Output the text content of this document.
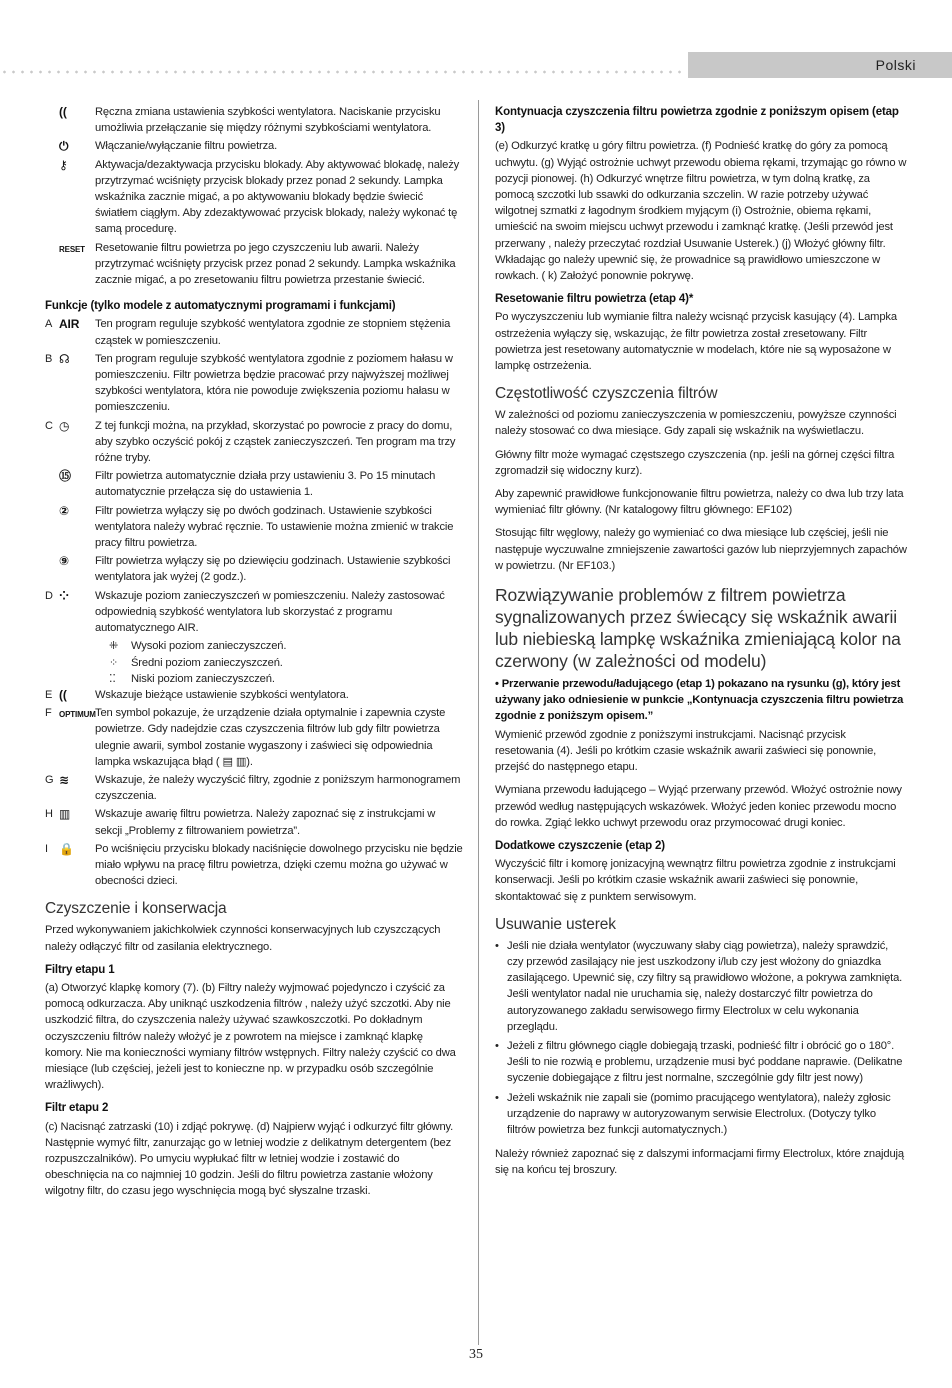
Polski
((	Ręczna zmiana ustawienia szybkości wentylatora. Naciskanie przycisku umożliwia przełączanie się między różnymi szybkościami wentylatora.
⏻	Włączanie/wyłączanie filtru powietrza.
⚷	Aktywacja/dezaktywacja przycisku blokady. Aby aktywować blokadę, należy przytrzymać wciśnięty przycisk blokady przez ponad 2 sekundy. Lampka wskaźnika zacznie migać, a po aktywowaniu blokady będzie świecić światłem ciągłym. Aby zdezaktywować przycisk blokady, należy wykonać tę samą procedurę.
RESET Resetowanie filtru powietrza po jego czyszczeniu lub awarii. Należy przytrzymać wciśnięty przycisk przez ponad 2 sekundy. Lampka wskaźnika zacznie migać, a po zresetowaniu filtru powietrza przestanie świecić.
Funkcje (tylko modele z automatycznymi programami i funkcjami)
A AIR	Ten program reguluje szybkość wentylatora zgodnie ze stopniem stężenia cząstek w pomieszczeniu.
B ☊	Ten program reguluje szybkość wentylatora zgodnie z poziomem hałasu w pomieszczeniu. Filtr powietrza będzie pracować przy najwyższej możliwej szybkości wentylatora, która nie powoduje zwiększenia poziomu hałasu w pomieszczeniu.
C ◷	Z tej funkcji można, na przykład, skorzystać po powrocie z pracy do domu, aby szybko oczyścić pokój z cząstek zanieczyszczeń. Ten program ma trzy różne tryby.
⑮	Filtr powietrza automatycznie działa przy ustawieniu 3. Po 15 minutach automatycznie przełącza się do ustawienia 1.
②	Filtr powietrza wyłączy się po dwóch godzinach. Ustawienie szybkości wentylatora należy wybrać ręcznie. To ustawienie można zmienić w trakcie pracy filtru powietrza.
⑨	Filtr powietrza wyłączy się po dziewięciu godzinach. Ustawienie szybkości wentylatora jak wyżej (2 godz.).
D ⁘	Wskazuje poziom zanieczyszczeń w pomieszczeniu. Należy zastosować odpowiednią szybkość wentylatora lub skorzystać z programu automatycznego AIR.
⁜	Wysoki poziom zanieczyszczeń.
⁘	Średni poziom zanieczyszczeń.
⁚⁚	Niski poziom zanieczyszczeń.
E ((	Wskazuje bieżące ustawienie szybkości wentylatora.
F OPTIMUM Ten symbol pokazuje, że urządzenie działa optymalnie i zapewnia czyste powietrze. Gdy nadejdzie czas czyszczenia filtrów lub gdy filtr powietrza ulegnie awarii, symbol zostanie wygaszony i zaświeci się odpowiednia lampka wskazująca błąd ( ▤ ▥).
G ≋	Wskazuje, że należy wyczyścić filtry, zgodnie z poniższym harmonogramem czyszczenia.
H ▥	Wskazuje awarię filtru powietrza. Należy zapoznać się z instrukcjami w sekcji „Problemy z filtrowaniem powietrza”.
I 🔒	Po wciśnięciu przycisku blokady naciśnięcie dowolnego przycisku nie będzie miało wpływu na pracę filtru powietrza, dzięki czemu można go używać w obecności dzieci.
Czyszczenie i konserwacja

Przed wykonywaniem jakichkolwiek czynności konserwacyjnych lub czyszczących należy odłączyć filtr od zasilania elektrycznego.

Filtry etapu 1

(a) Otworzyć klapkę komory (7). (b) Filtry należy wyjmować pojedynczo i czyścić za pomocą odkurzacza. Aby uniknąć uszkodzenia filtrów , należy użyć szczotki. Aby nie uszkodzić filtra, do czyszczenia należy używać szawkoszczotki. Po dokładnym oczyszczeniu filtrów należy włożyć je z powrotem na miejsce i zamknąć klapkę komory. Nie ma konieczności wymiany filtrów wstępnych. Filtry należy czyścić co dwa miesiące (lub częściej, jeżeli jest to konieczne np. w przypadku osób szczególnie wrażliwych).

Filtr etapu 2

(c) Nacisnąć zatrzaski (10) i zdjąć pokrywę. (d) Najpierw wyjąć i odkurzyć filtr główny. Następnie wymyć filtr, zanurzając go w letniej wodzie z delikatnym detergentem (bez rozpuszczalników). Po umyciu wypłukać filtr w letniej wodzie i zostawić do obeschnięcia na co najmniej 10 godzin. Jeśli do filtru powietrza zastanie włożony wilgotny filtr, do czasu jego wyschnięcia mogą być słyszalne trzaski.

Kontynuacja czyszczenia filtru powietrza zgodnie z poniższym opisem (etap 3)

(e) Odkurzyć kratkę u góry filtru powietrza. (f) Podnieść kratkę do góry za pomocą uchwytu. (g) Wyjąć ostrożnie uchwyt przewodu obiema rękami, trzymając go równo w pozycji pionowej. (h) Odkurzyć wnętrze filtru powietrza, w tym dolną kratkę, za pomocą szczotki lub ssawki do odkurzania szczelin. W razie potrzeby używać wilgotnej szmatki z łagodnym środkiem myjącym (i) Ostrożnie, obiema rękami, umieścić na swoim miejscu uchwyt przewodu i zamknąć kratkę. (Jeśli przewód jest przerwany , należy przeczytać rozdział Usuwanie Usterek.) (j) Włożyć główny filtr. Wkładając go należy upewnić się, że prowadnice są prawidłowo umieszczone w rowkach. ( k) Założyć ponownie pokrywę.

Resetowanie filtru powietrza (etap 4)*

Po wyczyszczeniu lub wymianie filtra należy wcisnąć przycisk kasujący (4). Lampka ostrzeżenia wyłączy się, wskazując, że filtr powietrza został zresetowany. Filtr powietrza jest resetowany automatycznie w modelach, które nie są wyposażone w lampkę ostrzeżenia.

Częstotliwość czyszczenia filtrów

W zależności od poziomu zanieczyszczenia w pomieszczeniu, powyższe czynności należy stosować co dwa miesiące. Gdy zapali się wskaźnik na wyświetlaczu.

Główny filtr może wymagać częstszego czyszczenia (np. jeśli na górnej części filtra zgromadził się widoczny kurz).

Aby zapewnić prawidłowe funkcjonowanie filtru powietrza, należy co dwa lub trzy lata wymieniać filtr główny. (Nr katalogowy filtru głównego: EF102)

Stosując filtr węglowy, należy go wymieniać co dwa miesiące lub częściej, jeśli nie następuje wyczuwalne zmniejszenie zawartości gazów lub nieprzyjemnych zapachów w powietrzu. (Nr EF103.)

Rozwiązywanie problemów z filtrem powietrza sygnalizowanych przez świecący się wskaźnik awarii lub niebieską lampkę wskaźnika zmieniającą kolor na czerwony (w zależności od modelu)

• Przerwanie przewodu/ładującego (etap 1) pokazano na rysunku (g), który jest używany jako odniesienie w punkcie „Kontynuacja czyszczenia filtru powietrza zgodnie z poniższym opisem.”

Wymienić przewód zgodnie z poniższymi instrukcjami. Nacisnąć przycisk resetowania (4). Jeśli po krótkim czasie wskaźnik awarii zaświeci się ponownie, przejść do następnego etapu.

Wymiana przewodu ładującego – Wyjąć przerwany przewód. Włożyć ostrożnie nowy przewód według następujących wskazówek. Włożyć jeden koniec przewodu mocno do rowka. Zgiąć lekko uchwyt przewodu oraz przymocować drugi koniec.

Dodatkowe czyszczenie (etap 2)

Wyczyścić filtr i komorę jonizacyjną wewnątrz filtru powietrza zgodnie z instrukcjami konserwacji. Jeśli po krótkim czasie wskaźnik awarii zaświeci się ponownie, skontaktować się z punktem serwisowym.

Usuwanie usterek
• Jeśli nie działa wentylator (wyczuwany słaby ciąg powietrza), należy sprawdzić, czy przewód zasilający nie jest uszkodzony i/lub czy jest włożony do gniazdka zasilającego. Upewnić się, czy filtry są prawidłowo włożone, a pokrywa zamknięta. Jeśli wentylator nadal nie uruchamia się, należy dostarczyć filtr powietrza do autoryzowanego zakładu serwisowego firmy Electrolux w celu wykonania przeglądu.
• Jeżeli z filtru głównego ciągle dobiegają trzaski, podnieść filtr i obrócić go o 180°. Jeśli to nie rozwią e problemu, urządzenie musi być poddane naprawie. (Delikatne syczenie dobiegające z filtru jest normalne, szczególnie gdy filtr jest nowy)
• Jeżeli wskaźnik nie zapali sie (pomimo pracującego wentylatora), należy zgłosic urządzenie do naprawy w autoryzowanym serwisie Electrolux. (Dotyczy tylko filtrów powietrza bez funkcji automatycznych.)

Należy również zapoznać się z dalszymi informacjami firmy Electrolux, które znajdują się na końcu tej broszury.

35
